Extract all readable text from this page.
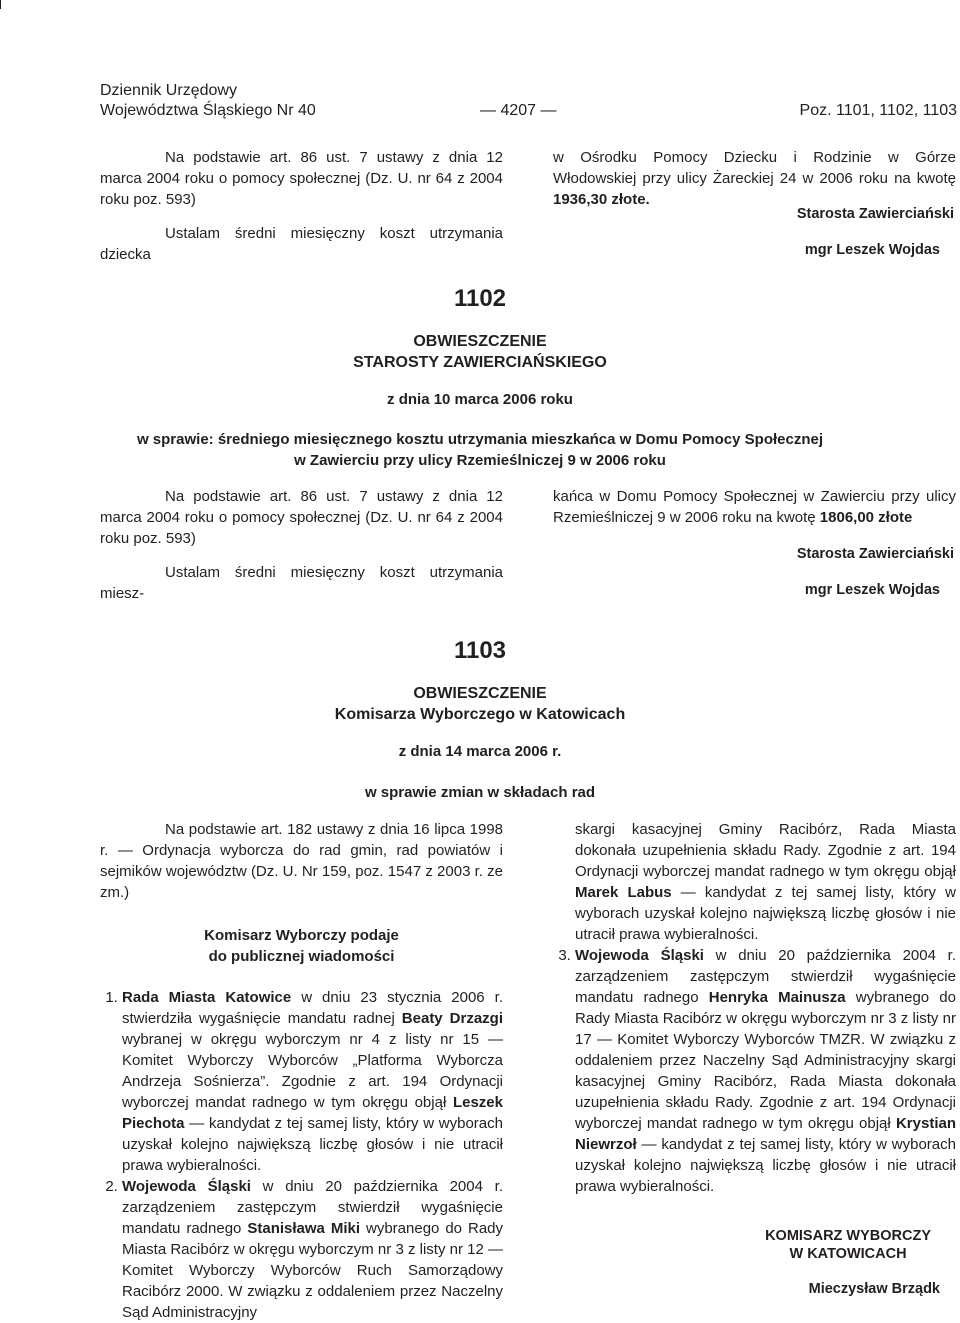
Dziennik Urzędowy
Województwa Śląskiego Nr 40	— 4207 —	Poz. 1101, 1102, 1103

Na podstawie art. 86 ust. 7 ustawy z dnia 12 marca 2004 roku o pomocy społecznej (Dz. U. nr 64 z 2004 roku poz. 593)

Ustalam średni miesięczny koszt utrzymania dziecka

w Ośrodku Pomocy Dziecku i Rodzinie w Górze Włodowskiej przy ulicy Żareckiej 24 w 2006 roku na kwotę 1936,30 złote.

Starosta Zawierciański
mgr Leszek Wojdas
1102
OBWIESZCZENIE
STAROSTY ZAWIERCIAŃSKIEGO
z dnia 10 marca 2006 roku
w sprawie: średniego miesięcznego kosztu utrzymania mieszkańca w Domu Pomocy Społecznej
w Zawierciu przy ulicy Rzemieślniczej 9 w 2006 roku

Na podstawie art. 86 ust. 7 ustawy z dnia 12 marca 2004 roku o pomocy społecznej (Dz. U. nr 64 z 2004 roku poz. 593)

Ustalam średni miesięczny koszt utrzymania miesz-

kańca w Domu Pomocy Społecznej w Zawierciu przy ulicy Rzemieślniczej 9 w 2006 roku na kwotę 1806,00 złote

Starosta Zawierciański
mgr Leszek Wojdas
1103
OBWIESZCZENIE
Komisarza Wyborczego w Katowicach
z dnia 14 marca 2006 r.
w sprawie zmian w składach rad

Na podstawie art. 182 ustawy z dnia 16 lipca 1998 r. — Ordynacja wyborcza do rad gmin, rad powiatów i sejmików województw (Dz. U. Nr 159, poz. 1547 z 2003 r. ze zm.)

Komisarz Wyborczy podaje
do publicznej wiadomości
1. Rada Miasta Katowice w dniu 23 stycznia 2006 r. stwierdziła wygaśnięcie mandatu radnej Beaty Drzazgi wybranej w okręgu wyborczym nr 4 z listy nr 15 — Komitet Wyborczy Wyborców „Platforma Wyborcza Andrzeja Sośnierza”. Zgodnie z art. 194 Ordynacji wyborczej mandat radnego w tym okręgu objął Leszek Piechota — kandydat z tej samej listy, który w wyborach uzyskał kolejno największą liczbę głosów i nie utracił prawa wybieralności.
2. Wojewoda Śląski w dniu 20 października 2004 r. zarządzeniem zastępczym stwierdził wygaśnięcie mandatu radnego Stanisława Miki wybranego do Rady Miasta Racibórz w okręgu wyborczym nr 3 z listy nr 12 — Komitet Wyborczy Wyborców Ruch Samorządowy Racibórz 2000. W związku z oddaleniem przez Naczelny Sąd Administracyjny

skargi kasacyjnej Gminy Racibórz, Rada Miasta dokonała uzupełnienia składu Rady. Zgodnie z art. 194 Ordynacji wyborczej mandat radnego w tym okręgu objął Marek Labus — kandydat z tej samej listy, który w wyborach uzyskał kolejno największą liczbę głosów i nie utracił prawa wybieralności.

3. Wojewoda Śląski w dniu 20 października 2004 r. zarządzeniem zastępczym stwierdził wygaśnięcie mandatu radnego Henryka Mainusza wybranego do Rady Miasta Racibórz w okręgu wyborczym nr 3 z listy nr 17 — Komitet Wyborczy Wyborców TMZR. W związku z oddaleniem przez Naczelny Sąd Administracyjny skargi kasacyjnej Gminy Racibórz, Rada Miasta dokonała uzupełnienia składu Rady. Zgodnie z art. 194 Ordynacji wyborczej mandat radnego w tym okręgu objął Krystian Niewrzoł — kandydat z tej samej listy, który w wyborach uzyskał kolejno największą liczbę głosów i nie utracił prawa wybieralności.
KOMISARZ WYBORCZY
W KATOWICACH
Mieczysław Brządk
